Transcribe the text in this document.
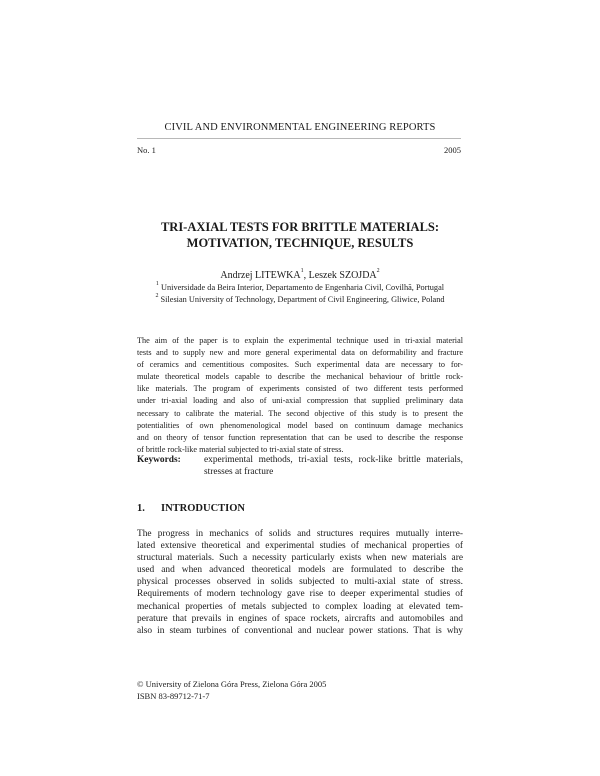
CIVIL AND ENVIRONMENTAL ENGINEERING REPORTS
No. 1	2005
TRI-AXIAL TESTS FOR BRITTLE MATERIALS:
MOTIVATION, TECHNIQUE, RESULTS
Andrzej LITEWKA$^1$, Leszek SZOJDA$^2$
$^1$ Universidade da Beira Interior, Departamento de Engenharia Civil, Covilhã, Portugal
$^2$ Silesian University of Technology, Department of Civil Engineering, Gliwice, Poland
The aim of the paper is to explain the experimental technique used in tri-axial material
tests and to supply new and more general experimental data on deformability and fracture
of ceramics and cementitious composites. Such experimental data are necessary to for-
mulate theoretical models capable to describe the mechanical behaviour of brittle rock-
like materials. The program of experiments consisted of two different tests performed
under tri-axial loading and also of uni-axial compression that supplied preliminary data
necessary to calibrate the material. The second objective of this study is to present the
potentialities of own phenomenological model based on continuum damage mechanics
and on theory of tensor function representation that can be used to describe the response
of brittle rock-like material subjected to tri-axial state of stress.
Keywords: experimental methods, tri-axial tests, rock-like brittle materials,
stresses at fracture
1. INTRODUCTION
The progress in mechanics of solids and structures requires mutually interre-
lated extensive theoretical and experimental studies of mechanical properties of
structural materials. Such a necessity particularly exists when new materials are
used and when advanced theoretical models are formulated to describe the
physical processes observed in solids subjected to multi-axial state of stress.
Requirements of modern technology gave rise to deeper experimental studies of
mechanical properties of metals subjected to complex loading at elevated tem-
perature that prevails in engines of space rockets, aircrafts and automobiles and
also in steam turbines of conventional and nuclear power stations. That is why
© University of Zielona Góra Press, Zielona Góra 2005
ISBN 83-89712-71-7
